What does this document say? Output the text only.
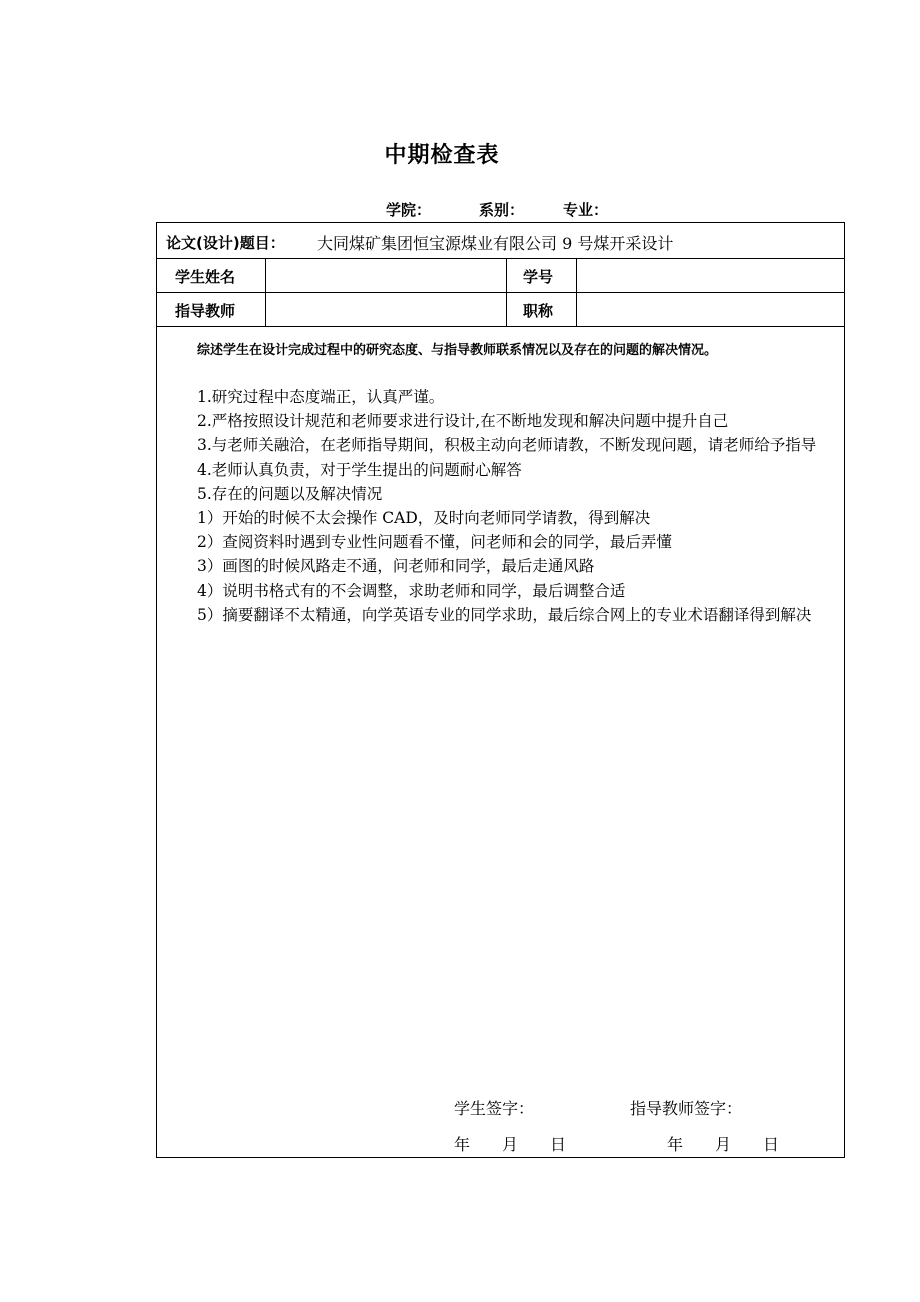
中期检查表
学院：	系别：	专业：
论文(设计)题目： 大同煤矿集团恒宝源煤业有限公司 9 号煤开采设计
学生姓名	学号
指导教师	职称
综述学生在设计完成过程中的研究态度、与指导教师联系情况以及存在的问题的解决情况。

1.研究过程中态度端正，认真严谨。

2.严格按照设计规范和老师要求进行设计,在不断地发现和解决问题中提升自己

3.与老师关融洽，在老师指导期间，积极主动向老师请教，不断发现问题，请老师给予指导

4.老师认真负责，对于学生提出的问题耐心解答

5.存在的问题以及解决情况

1）开始的时候不太会操作 CAD，及时向老师同学请教，得到解决

2）查阅资料时遇到专业性问题看不懂，问老师和会的同学，最后弄懂

3）画图的时候风路走不通，问老师和同学，最后走通风路

4）说明书格式有的不会调整，求助老师和同学，最后调整合适

5）摘要翻译不太精通，向学英语专业的同学求助，最后综合网上的专业术语翻译得到解决

学生签字：	指导教师签字：
年 月 日	年 月 日
